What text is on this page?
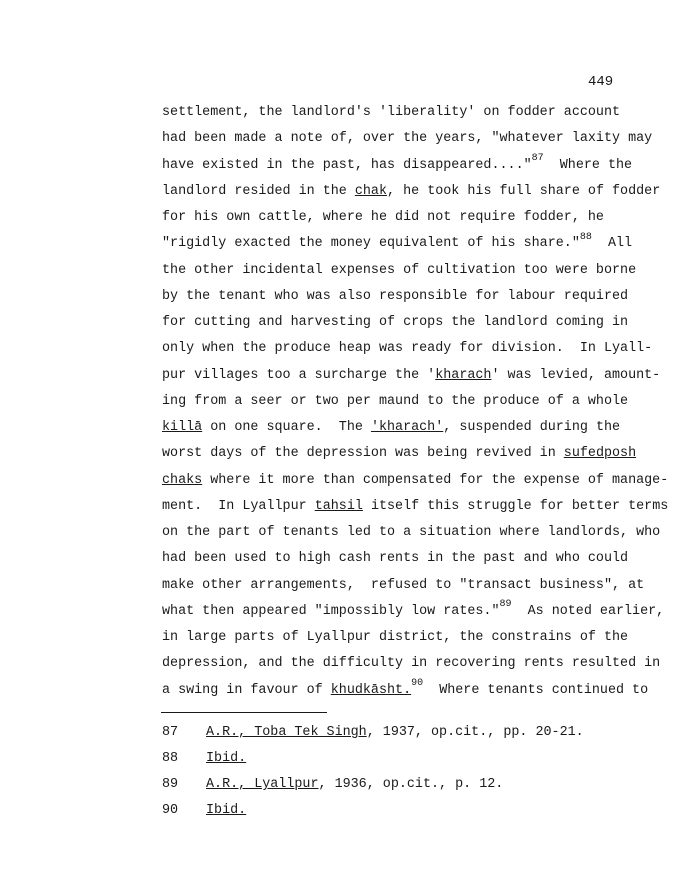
449
settlement, the landlord's 'liberality' on fodder account
had been made a note of, over the years, "whatever laxity may
have existed in the past, has disappeared...."$^{87}$  Where the
landlord resided in the chak, he took his full share of fodder
for his own cattle, where he did not require fodder, he
"rigidly exacted the money equivalent of his share."$^{88}$  All
the other incidental expenses of cultivation too were borne
by the tenant who was also responsible for labour required
for cutting and harvesting of crops the landlord coming in
only when the produce heap was ready for division.  In Lyall-
pur villages too a surcharge the 'kharach' was levied, amount-
ing from a seer or two per maund to the produce of a whole
killā on one square.  The 'kharach', suspended during the
worst days of the depression was being revived in sufedposh
chaks where it more than compensated for the expense of manage-
ment.  In Lyallpur tahsil itself this struggle for better terms
on the part of tenants led to a situation where landlords, who
had been used to high cash rents in the past and who could
make other arrangements,  refused to "transact business", at
what then appeared "impossibly low rates."$^{89}$  As noted earlier,
in large parts of Lyallpur district, the constrains of the
depression, and the difficulty in recovering rents resulted in
a swing in favour of khudkāsht.$^{90}$  Where tenants continued to
87	A.R., Toba Tek Singh, 1937, op.cit., pp. 20-21.
88	Ibid.
89	A.R., Lyallpur, 1936, op.cit., p. 12.
90	Ibid.
